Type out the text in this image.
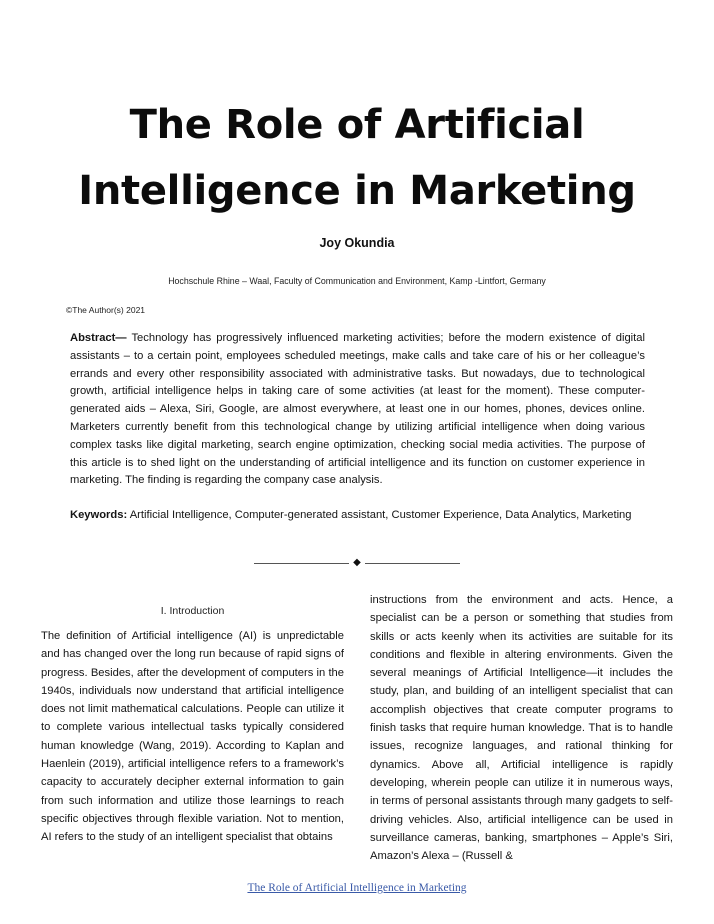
The Role of Artificial Intelligence in Marketing
Joy Okundia
Hochschule Rhine – Waal, Faculty of Communication and Environment, Kamp -Lintfort, Germany
©The Author(s) 2021
Abstract— Technology has progressively influenced marketing activities; before the modern existence of digital assistants – to a certain point, employees scheduled meetings, make calls and take care of his or her colleague’s errands and every other responsibility associated with administrative tasks. But nowadays, due to technological growth, artificial intelligence helps in taking care of some activities (at least for the moment). These computer-generated aids – Alexa, Siri, Google, are almost everywhere, at least one in our homes, phones, devices online. Marketers currently benefit from this technological change by utilizing artificial intelligence when doing various complex tasks like digital marketing, search engine optimization, checking social media activities. The purpose of this article is to shed light on the understanding of artificial intelligence and its function on customer experience in marketing. The finding is regarding the company case analysis.
Keywords: Artificial Intelligence, Computer-generated assistant, Customer Experience, Data Analytics, Marketing
◆
I. Introduction
The definition of Artificial intelligence (AI) is unpredictable and has changed over the long run because of rapid signs of progress. Besides, after the development of computers in the 1940s, individuals now understand that artificial intelligence does not limit mathematical calculations. People can utilize it to complete various intellectual tasks typically considered human knowledge (Wang, 2019). According to Kaplan and Haenlein (2019), artificial intelligence refers to a framework’s capacity to accurately decipher external information to gain from such information and utilize those learnings to reach specific objectives through flexible variation. Not to mention, AI refers to the study of an intelligent specialist that obtains
instructions from the environment and acts. Hence, a specialist can be a person or something that studies from skills or acts keenly when its activities are suitable for its conditions and flexible in altering environments. Given the several meanings of Artificial Intelligence—it includes the study, plan, and building of an intelligent specialist that can accomplish objectives that create computer programs to finish tasks that require human knowledge. That is to handle issues, recognize languages, and rational thinking for dynamics. Above all, Artificial intelligence is rapidly developing, wherein people can utilize it in numerous ways, in terms of personal assistants through many gadgets to self-driving vehicles. Also, artificial intelligence can be used in surveillance cameras, banking, smartphones – Apple’s Siri, Amazon’s Alexa – (Russell &
The Role of Artificial Intelligence in Marketing
